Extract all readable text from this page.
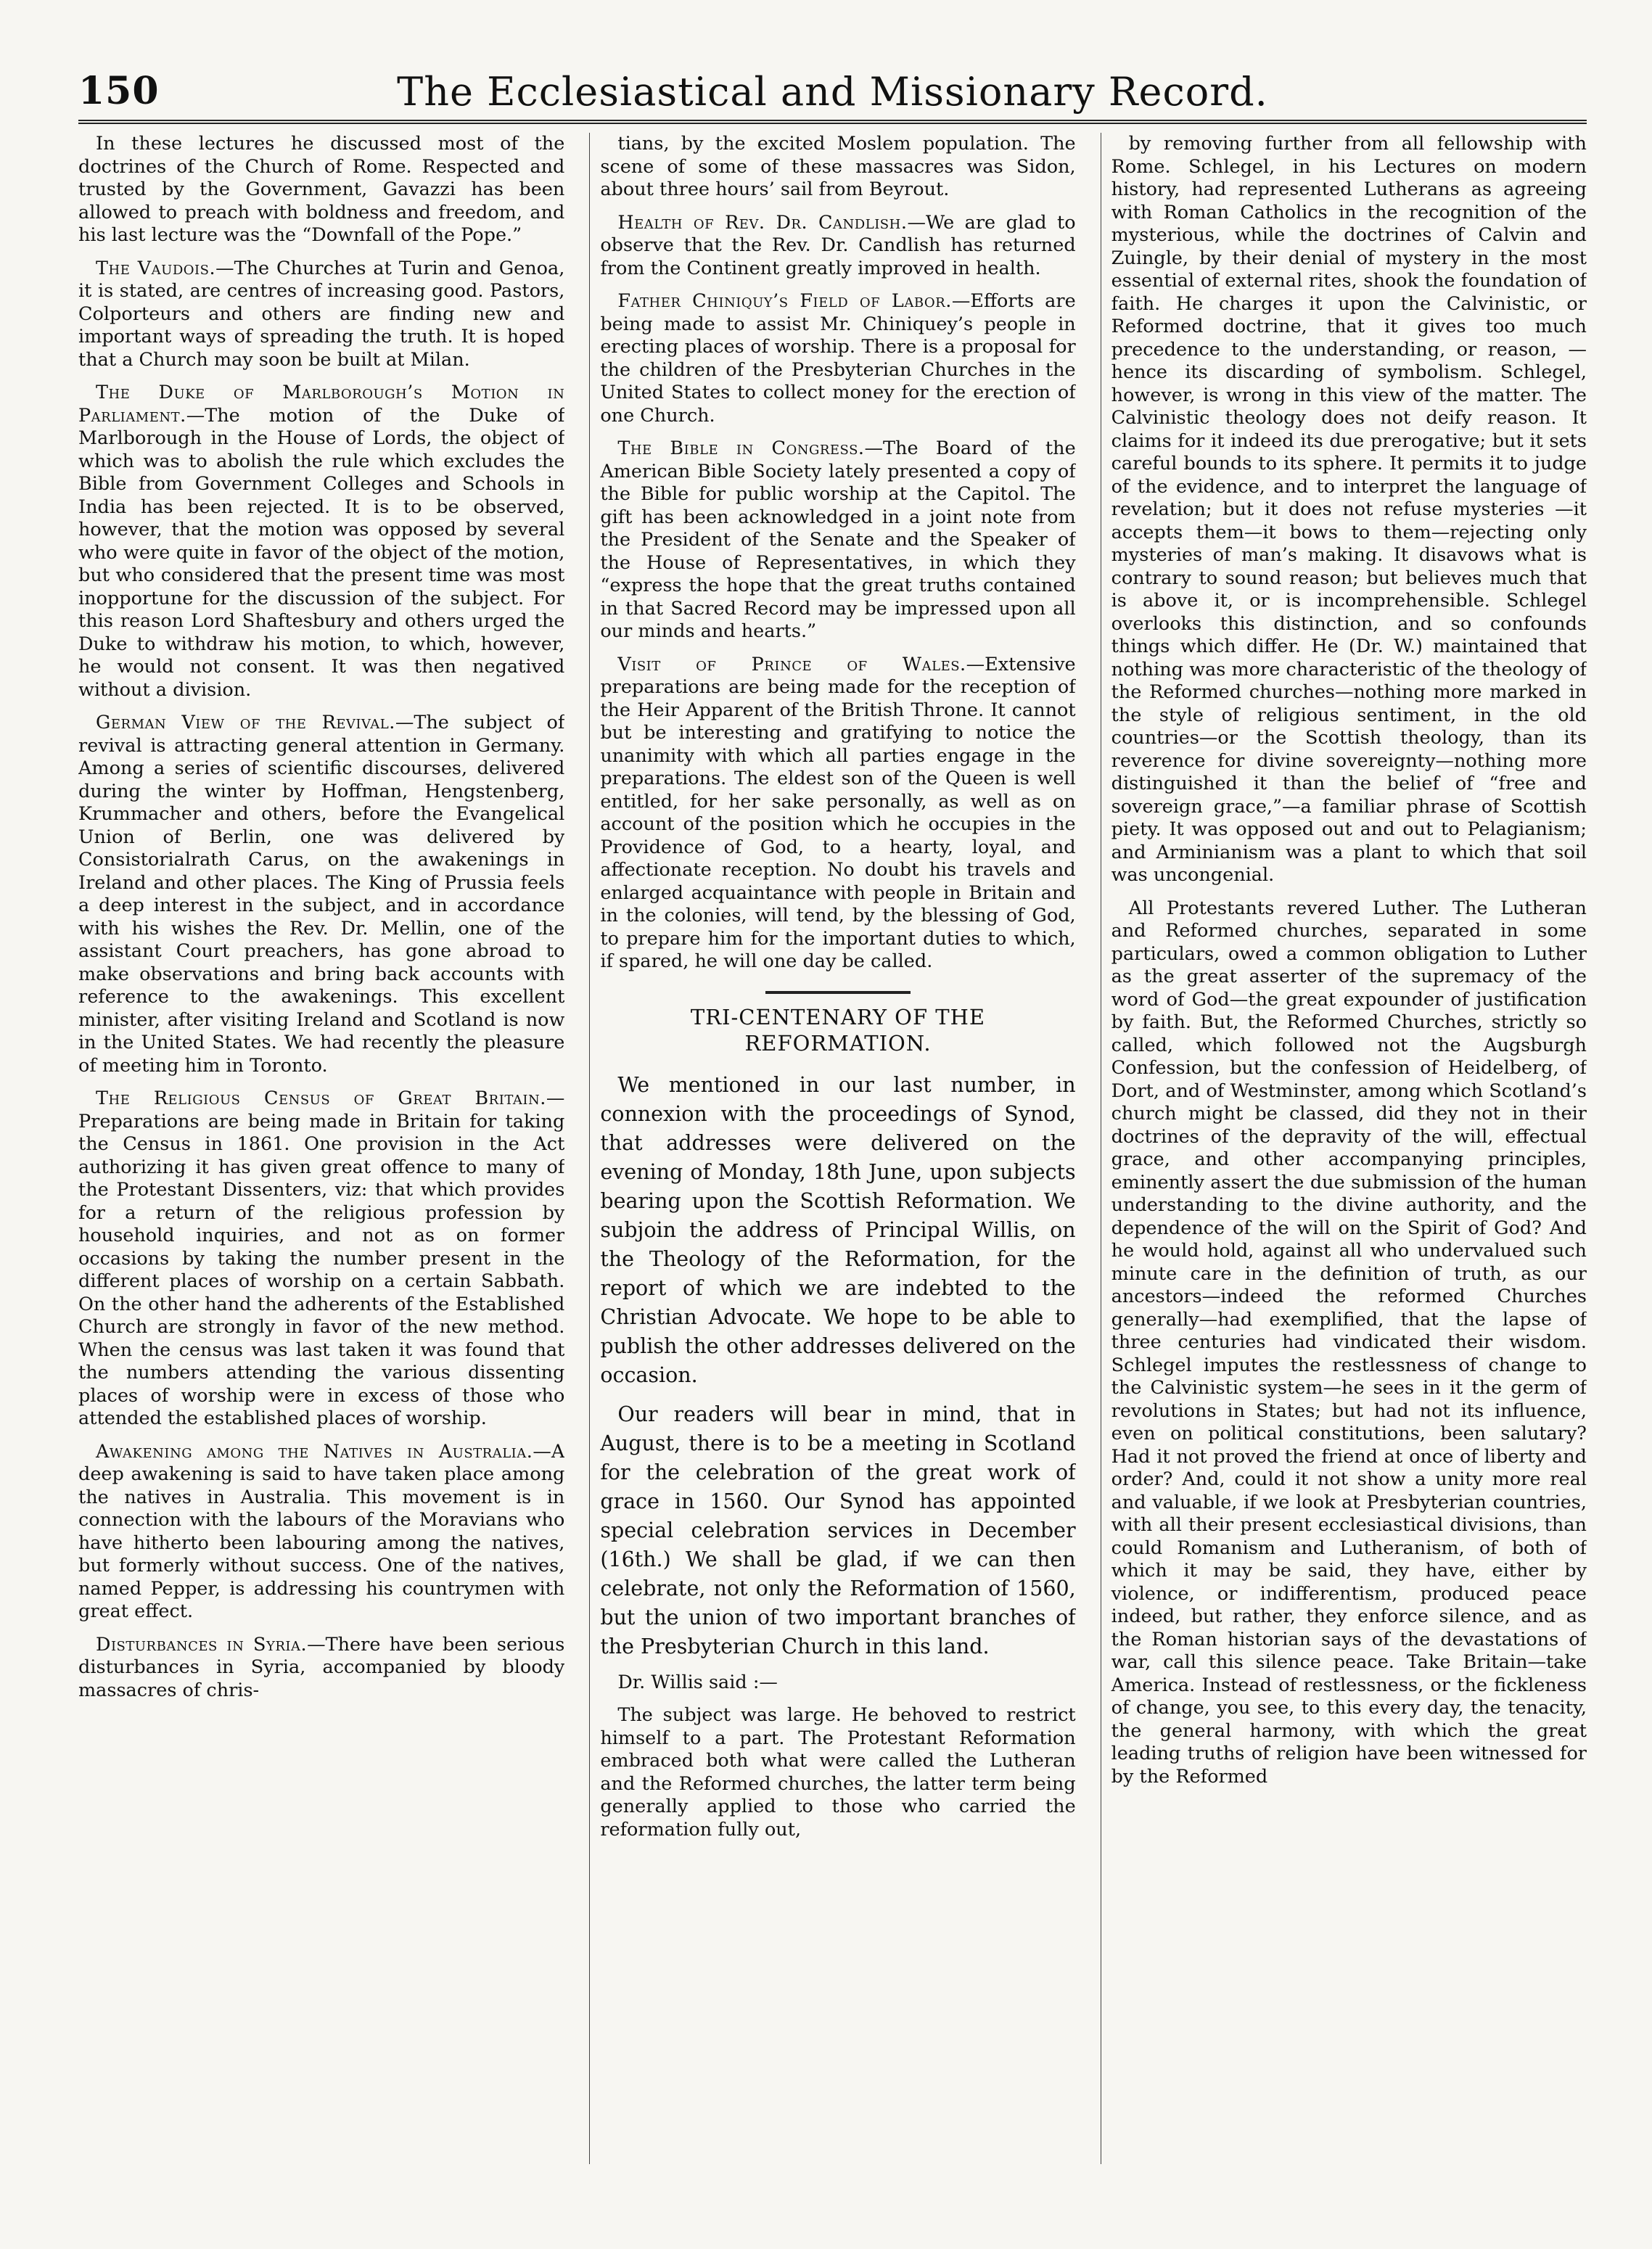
150	The Ecclesiastical and Missionary Record.

In these lectures he discussed most of the doctrines of the Church of Rome. Respected and trusted by the Government, Gavazzi has been allowed to preach with boldness and freedom, and his last lecture was the “Downfall of the Pope.”

The Vaudois.—The Churches at Turin and Genoa, it is stated, are centres of increasing good. Pastors, Colporteurs and others are finding new and important ways of spreading the truth. It is hoped that a Church may soon be built at Milan.

The Duke of Marlborough’s Motion in Parliament.—The motion of the Duke of Marlborough in the House of Lords, the object of which was to abolish the rule which excludes the Bible from Government Colleges and Schools in India has been rejected. It is to be observed, however, that the motion was opposed by several who were quite in favor of the object of the motion, but who considered that the present time was most inopportune for the discussion of the subject. For this reason Lord Shaftesbury and others urged the Duke to withdraw his motion, to which, however, he would not consent. It was then negatived without a division.

German View of the Revival.—The subject of revival is attracting general attention in Germany. Among a series of scientific discourses, delivered during the winter by Hoffman, Hengstenberg, Krummacher and others, before the Evangelical Union of Berlin, one was delivered by Consistorialrath Carus, on the awakenings in Ireland and other places. The King of Prussia feels a deep interest in the subject, and in accordance with his wishes the Rev. Dr. Mellin, one of the assistant Court preachers, has gone abroad to make observations and bring back accounts with reference to the awakenings. This excellent minister, after visiting Ireland and Scotland is now in the United States. We had recently the pleasure of meeting him in Toronto.

The Religious Census of Great Britain.—Preparations are being made in Britain for taking the Census in 1861. One provision in the Act authorizing it has given great offence to many of the Protestant Dissenters, viz: that which provides for a return of the religious profession by household inquiries, and not as on former occasions by taking the number present in the different places of worship on a certain Sabbath. On the other hand the adherents of the Established Church are strongly in favor of the new method. When the census was last taken it was found that the numbers attending the various dissenting places of worship were in excess of those who attended the established places of worship.

Awakening among the Natives in Australia.—A deep awakening is said to have taken place among the natives in Australia. This movement is in connection with the labours of the Moravians who have hitherto been labouring among the natives, but formerly without success. One of the natives, named Pepper, is addressing his countrymen with great effect.

Disturbances in Syria.—There have been serious disturbances in Syria, accompanied by bloody massacres of chris-

tians, by the excited Moslem population. The scene of some of these massacres was Sidon, about three hours’ sail from Beyrout.

Health of Rev. Dr. Candlish.—We are glad to observe that the Rev. Dr. Candlish has returned from the Continent greatly improved in health.

Father Chiniquy’s Field of Labor.—Efforts are being made to assist Mr. Chiniquey’s people in erecting places of worship. There is a proposal for the children of the Presbyterian Churches in the United States to collect money for the erection of one Church.

The Bible in Congress.—The Board of the American Bible Society lately presented a copy of the Bible for public worship at the Capitol. The gift has been acknowledged in a joint note from the President of the Senate and the Speaker of the House of Representatives, in which they “express the hope that the great truths contained in that Sacred Record may be impressed upon all our minds and hearts.”

Visit of Prince of Wales.—Extensive preparations are being made for the reception of the Heir Apparent of the British Throne. It cannot but be interesting and gratifying to notice the unanimity with which all parties engage in the preparations. The eldest son of the Queen is well entitled, for her sake personally, as well as on account of the position which he occupies in the Providence of God, to a hearty, loyal, and affectionate reception. No doubt his travels and enlarged acquaintance with people in Britain and in the colonies, will tend, by the blessing of God, to prepare him for the important duties to which, if spared, he will one day be called.

TRI-CENTENARY OF THE REFORMATION.

We mentioned in our last number, in connexion with the proceedings of Synod, that addresses were delivered on the evening of Monday, 18th June, upon subjects bearing upon the Scottish Reformation. We subjoin the address of Principal Willis, on the Theology of the Reformation, for the report of which we are indebted to the Christian Advocate. We hope to be able to publish the other addresses delivered on the occasion.

Our readers will bear in mind, that in August, there is to be a meeting in Scotland for the celebration of the great work of grace in 1560. Our Synod has appointed special celebration services in December (16th.) We shall be glad, if we can then celebrate, not only the Reformation of 1560, but the union of two important branches of the Presbyterian Church in this land.

Dr. Willis said :—

The subject was large. He behoved to restrict himself to a part. The Protestant Reformation embraced both what were called the Lutheran and the Reformed churches, the latter term being generally applied to those who carried the reformation fully out,

by removing further from all fellowship with Rome. Schlegel, in his Lectures on modern history, had represented Lutherans as agreeing with Roman Catholics in the recognition of the mysterious, while the doctrines of Calvin and Zuingle, by their denial of mystery in the most essential of external rites, shook the foundation of faith. He charges it upon the Calvinistic, or Reformed doctrine, that it gives too much precedence to the understanding, or reason, —hence its discarding of symbolism. Schlegel, however, is wrong in this view of the matter. The Calvinistic theology does not deify reason. It claims for it indeed its due prerogative; but it sets careful bounds to its sphere. It permits it to judge of the evidence, and to interpret the language of revelation; but it does not refuse mysteries —it accepts them—it bows to them—rejecting only mysteries of man’s making. It disavows what is contrary to sound reason; but believes much that is above it, or is incomprehensible. Schlegel overlooks this distinction, and so confounds things which differ. He (Dr. W.) maintained that nothing was more characteristic of the theology of the Reformed churches—nothing more marked in the style of religious sentiment, in the old countries—or the Scottish theology, than its reverence for divine sovereignty—nothing more distinguished it than the belief of “free and sovereign grace,”—a familiar phrase of Scottish piety. It was opposed out and out to Pelagianism; and Arminianism was a plant to which that soil was uncongenial.

All Protestants revered Luther. The Lutheran and Reformed churches, separated in some particulars, owed a common obligation to Luther as the great asserter of the supremacy of the word of God—the great expounder of justification by faith. But, the Reformed Churches, strictly so called, which followed not the Augsburgh Confession, but the confession of Heidelberg, of Dort, and of Westminster, among which Scotland’s church might be classed, did they not in their doctrines of the depravity of the will, effectual grace, and other accompanying principles, eminently assert the due submission of the human understanding to the divine authority, and the dependence of the will on the Spirit of God? And he would hold, against all who undervalued such minute care in the definition of truth, as our ancestors—indeed the reformed Churches generally—had exemplified, that the lapse of three centuries had vindicated their wisdom. Schlegel imputes the restlessness of change to the Calvinistic system—he sees in it the germ of revolutions in States; but had not its influence, even on political constitutions, been salutary? Had it not proved the friend at once of liberty and order? And, could it not show a unity more real and valuable, if we look at Presbyterian countries, with all their present ecclesiastical divisions, than could Romanism and Lutheranism, of both of which it may be said, they have, either by violence, or indifferentism, produced peace indeed, but rather, they enforce silence, and as the Roman historian says of the devastations of war, call this silence peace. Take Britain—take America. Instead of restlessness, or the fickleness of change, you see, to this every day, the tenacity, the general harmony, with which the great leading truths of religion have been witnessed for by the Reformed
